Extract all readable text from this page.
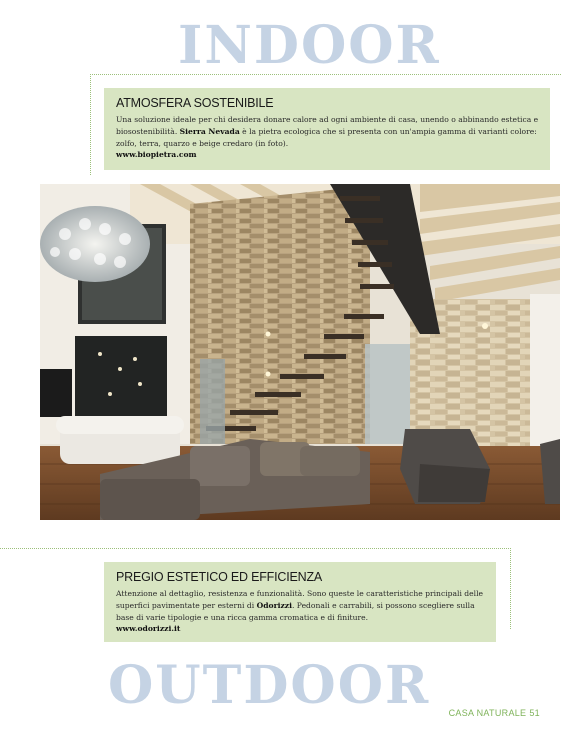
INDOOR
ATMOSFERA SOSTENIBILE

Una soluzione ideale per chi desidera donare calore ad ogni ambiente di casa, unendo o abbinando estetica e biosostenibilità. Sierra Nevada è la pietra ecologica che si presenta con un'ampia gamma di varianti colore: zolfo, terra, quarzo e beige credaro (in foto).

www.biopietra.com
PREGIO ESTETICO ED EFFICIENZA

Attenzione al dettaglio, resistenza e funzionalità. Sono queste le caratteristiche principali delle superfici pavimentate per esterni di Odorizzi. Pedonali e carrabili, si possono scegliere sulla base di varie tipologie e una ricca gamma cromatica e di finiture.

www.odorizzi.it
OUTDOOR CASA NATURALE 51
